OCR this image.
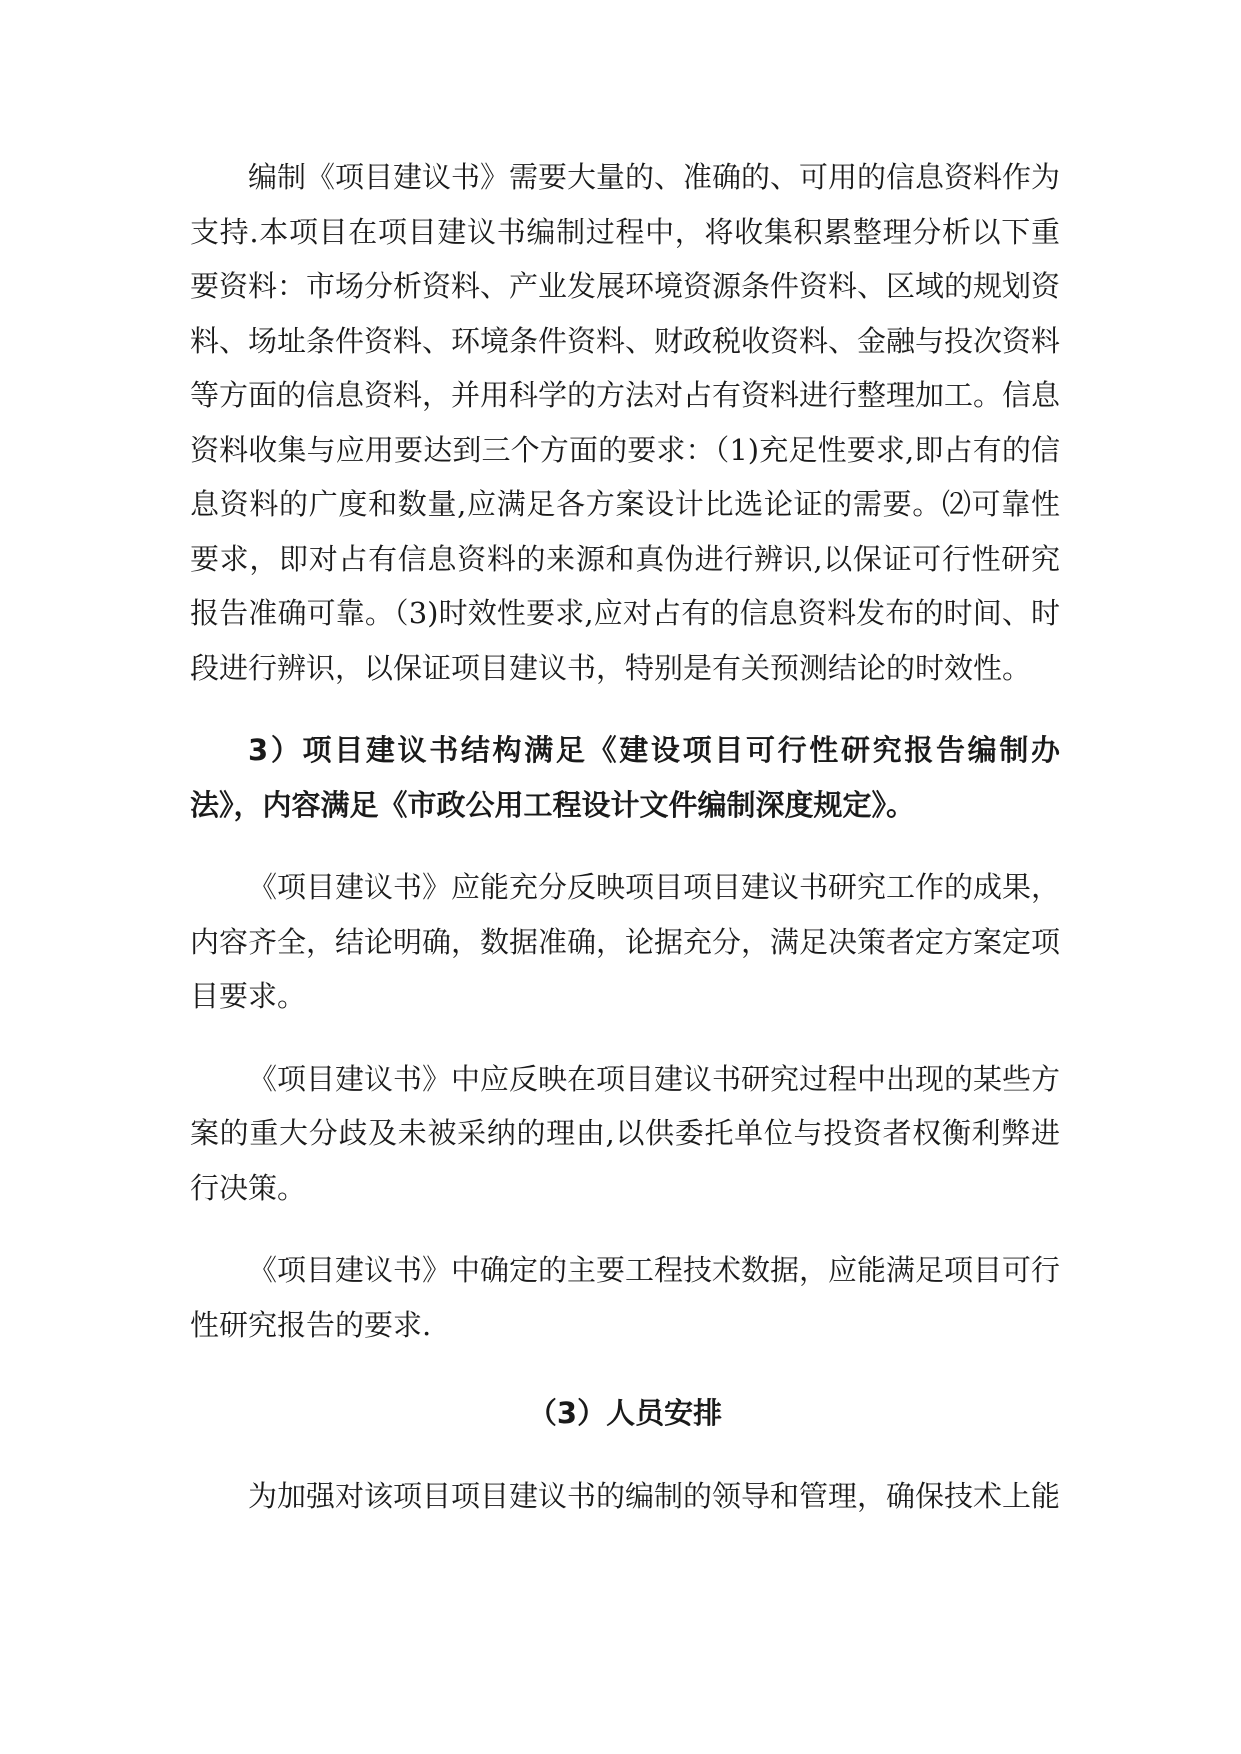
编制《项目建议书》需要大量的、准确的、可用的信息资料作为支持.本项目在项目建议书编制过程中，将收集积累整理分析以下重要资料：市场分析资料、产业发展环境资源条件资料、区域的规划资料、场址条件资料、环境条件资料、财政税收资料、金融与投次资料等方面的信息资料，并用科学的方法对占有资料进行整理加工。信息资料收集与应用要达到三个方面的要求：（1)充足性要求,即占有的信息资料的广度和数量,应满足各方案设计比选论证的需要。⑵可靠性要求，即对占有信息资料的来源和真伪进行辨识,以保证可行性研究报告准确可靠。（3)时效性要求,应对占有的信息资料发布的时间、时段进行辨识，以保证项目建议书，特别是有关预测结论的时效性。

3）项目建议书结构满足《建设项目可行性研究报告编制办法》，内容满足《市政公用工程设计文件编制深度规定》。

《项目建议书》应能充分反映项目项目建议书研究工作的成果，内容齐全，结论明确，数据准确，论据充分，满足决策者定方案定项目要求。

《项目建议书》中应反映在项目建议书研究过程中出现的某些方案的重大分歧及未被采纳的理由,以供委托单位与投资者权衡利弊进行决策。

《项目建议书》中确定的主要工程技术数据，应能满足项目可行性研究报告的要求.

（3）人员安排

为加强对该项目项目建议书的编制的领导和管理，确保技术上能
